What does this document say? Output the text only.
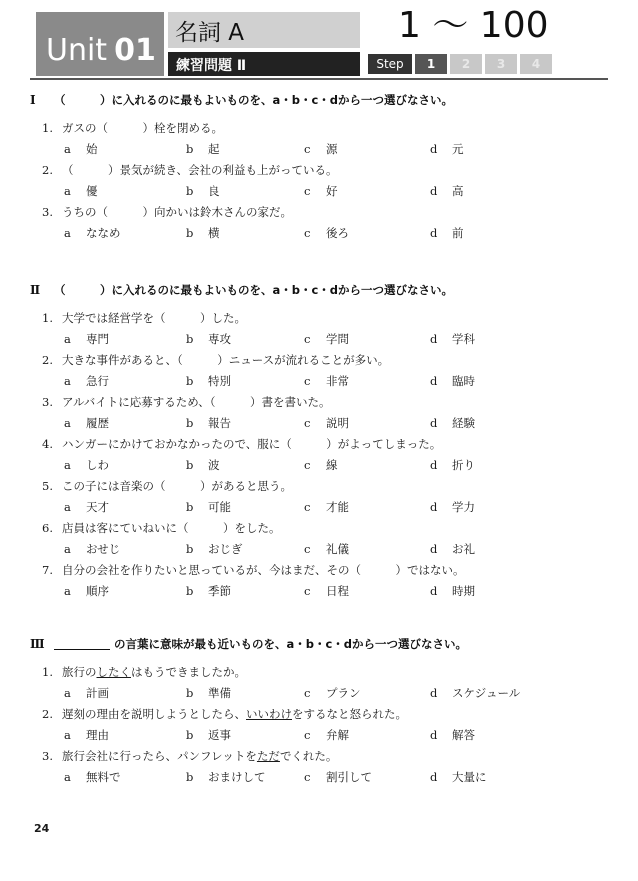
Unit 01 名詞 A
練習問題 Ⅱ
1 〜 100
Step	1	2	3	4
Ⅰ	（　　　）に入れるのに最もよいものを、a・b・c・dから一つ選びなさい。
1. ガスの（　　　）栓を閉める。
a 始	b 起	c 源	d 元
2. （　　　）景気が続き、会社の利益も上がっている。
a 優	b 良	c 好	d 高
3. うちの（　　　）向かいは鈴木さんの家だ。
a ななめ	b 横	c 後ろ	d 前
Ⅱ	（　　　）に入れるのに最もよいものを、a・b・c・dから一つ選びなさい。
1. 大学では経営学を（　　　）した。
a 専門	b 専攻	c 学問	d 学科
2. 大きな事件があると、（　　　）ニュースが流れることが多い。
a 急行	b 特別	c 非常	d 臨時
3. アルバイトに応募するため、（　　　）書を書いた。
a 履歴	b 報告	c 説明	d 経験
4. ハンガーにかけておかなかったので、服に（　　　）がよってしまった。
a しわ	b 波	c 線	d 折り
5. この子には音楽の（　　　）があると思う。
a 天才	b 可能	c 才能	d 学力
6. 店員は客にていねいに（　　　）をした。
a おせじ	b おじぎ	c 礼儀	d お礼
7. 自分の会社を作りたいと思っているが、今はまだ、その（　　　）ではない。
a 順序	b 季節	c 日程	d 時期
Ⅲ	の言葉に意味が最も近いものを、a・b・c・dから一つ選びなさい。
1. 旅行のしたくはもうできましたか。
a 計画	b 準備	c プラン	d スケジュール
2. 遅刻の理由を説明しようとしたら、いいわけをするなと怒られた。
a 理由	b 返事	c 弁解	d 解答
3. 旅行会社に行ったら、パンフレットをただでくれた。
a 無料で	b おまけして	c 割引して	d 大量に
24
